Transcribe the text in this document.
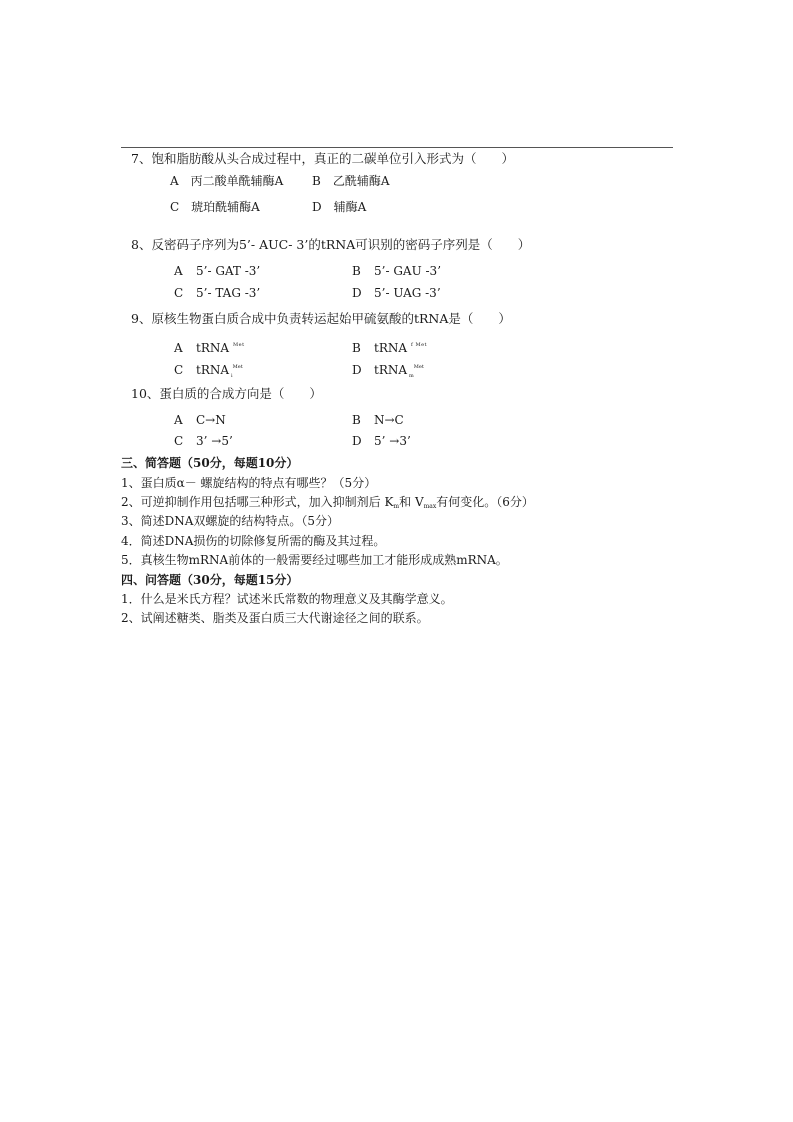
7、饱和脂肪酸从头合成过程中，真正的二碳单位引入形式为（　　）
A　丙二酸单酰辅酶A B　乙酰辅酶A
C　琥珀酰辅酶A	D　辅酶A
8、反密码子序列为5’- AUC- 3’的tRNA可识别的密码子序列是（　　）
A 5’- GAT -3’	B 5’- GAU -3’
C 5’- TAG -3’	D 5’- UAG -3’
9、原核生物蛋白质合成中负责转运起始甲硫氨酸的tRNA是（　　）
A tRNA $^{Met}$	B tRNA $^{f Met}$
C tRNA $_i^{Met}$	D tRNA $_m^{Met}$
10、蛋白质的合成方向是（　　）
A C→N	B N→C
C 3’ →5’	D 5’ →3’
三、简答题（50分，每题10分）
1、蛋白质α－ 螺旋结构的特点有哪些？（5分）
2、可逆抑制作用包括哪三种形式，加入抑制剂后 Km和 Vmax有何变化。（6分）
3、简述DNA双螺旋的结构特点。（5分）
4．简述DNA损伤的切除修复所需的酶及其过程。
5．真核生物mRNA前体的一般需要经过哪些加工才能形成成熟mRNA。
四、问答题（30分，每题15分）
1．什么是米氏方程？试述米氏常数的物理意义及其酶学意义。
2、试阐述糖类、脂类及蛋白质三大代谢途径之间的联系。
